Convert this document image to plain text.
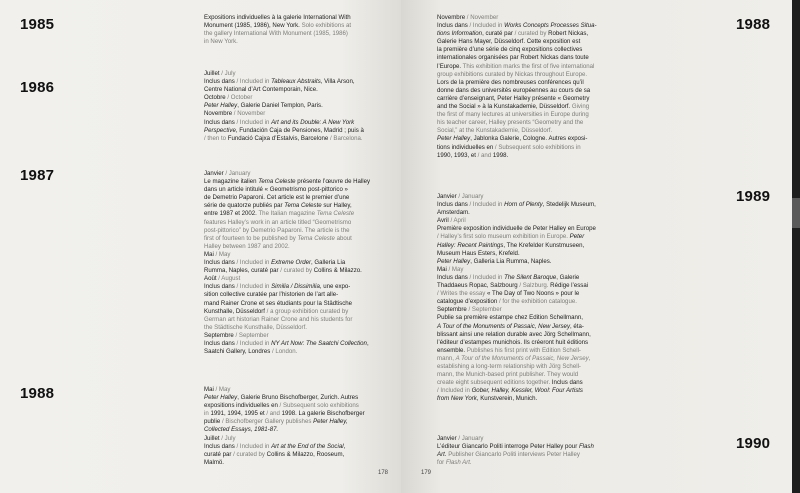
1985
1986
1987
1988
Expositions individuelles à la galerie International With
Monument (1985, 1986), New York. Solo exhibitions at
the gallery International With Monument (1985, 1986)
in New York.
Juillet / July
Inclus dans / Included in Tableaux Abstraits, Villa Arson,
Centre National d’Art Contemporain, Nice.
Octobre / October
Peter Halley, Galerie Daniel Templon, Paris.
Novembre / November
Inclus dans / Included in Art and its Double: A New York
Perspective, Fundación Caja de Pensiones, Madrid ; puis à
/ then to Fundació Cajxa d’Estalvis, Barcelone / Barcelona.
Janvier / January
Le magazine italien Tema Celeste présente l’œuvre de Halley
dans un article intitulé « Geometrismo post-pittorico »
de Demetrio Paparoni. Cet article est le premier d’une
série de quatorze publiés par Tema Celeste sur Halley,
entre 1987 et 2002. The Italian magazine Tema Celeste
features Halley’s work in an article titled “Geometrismo
post-pittorico” by Demetrio Paparoni. The article is the
first of fourteen to be published by Tema Celeste about
Halley between 1987 and 2002.
Mai / May
Inclus dans / Included in Extreme Order, Galleria Lia
Rumma, Naples, curaté par / curated by Collins & Milazzo.
Août / August
Inclus dans / Included in Similia / Dissimilia, une expo-
sition collective curatée par l’historien de l’art alle-
mand Rainer Crone et ses étudiants pour la Städtische
Kunsthalle, Düsseldorf / a group exhibition curated by
German art historian Rainer Crone and his students for
the Städtische Kunsthalle, Düsseldorf.
Septembre / September
Inclus dans / Included in NY Art Now: The Saatchi Collection,
Saatchi Gallery, Londres / London.
Mai / May
Peter Halley, Galerie Bruno Bischofberger, Zurich. Autres
expositions individuelles en / Subsequent solo exhibitions
in 1991, 1994, 1995 et / and 1998. La galerie Bischofberger
publie / Bischofberger Gallery publishes Peter Halley,
Collected Essays, 1981-87.
Juillet / July
Inclus dans / Included in Art at the End of the Social,
curaté par / curated by Collins & Milazzo, Rooseum,
Malmö.
178
1988
1989
1990
Novembre / November
Inclus dans / Included in Works Concepts Processes Situa-
tions Information, curaté par / curated by Robert Nickas,
Galerie Hans Mayer, Düsseldorf. Cette exposition est
la première d’une série de cinq expositions collectives
internationales organisées par Robert Nickas dans toute
l’Europe. This exhibition marks the first of five international
group exhibitions curated by Nickas throughout Europe.
Lors de la première des nombreuses conférences qu’il
donne dans des universités européennes au cours de sa
carrière d’enseignant, Peter Halley présente « Geometry
and the Social » à la Kunstakademie, Düsseldorf. Giving
the first of many lectures at universities in Europe during
his teacher career, Halley presents “Geometry and the
Social,” at the Kunstakademie, Düsseldorf.
Peter Halley, Jablonka Galerie, Cologne. Autres exposi-
tions individuelles en / Subsequent solo exhibitions in
1990, 1993, et / and 1998.
Janvier / January
Inclus dans / Included in Horn of Plenty, Stedelijk Museum,
Amsterdam.
Avril / April
Première exposition individuelle de Peter Halley en Europe
/ Halley’s first solo museum exhibition in Europe. Peter
Halley: Recent Paintings, The Krefelder Kunstmuseen,
Museum Haus Esters, Krefeld.
Peter Halley, Galleria Lia Rumma, Naples.
Mai / May
Inclus dans / Included in The Silent Baroque, Galerie
Thaddaeus Ropac, Salzbourg / Salzburg. Rédige l’essai
/ Writes the essay « The Day of Two Noons » pour le
catalogue d’exposition / for the exhibition catalogue.
Septembre / September
Publie sa première estampe chez Edition Schellmann,
A Tour of the Monuments of Passaic, New Jersey, éta-
blissant ainsi une relation durable avec Jörg Schellmann,
l’éditeur d’estampes munichois. Ils créeront huit éditions
ensemble. Publishes his first print with Edition Schell-
mann, A Tour of the Monuments of Passaic, New Jersey,
establishing a long-term relationship with Jörg Schell-
mann, the Munich-based print publisher. They would
create eight subsequent editions together. Inclus dans
/ Included in Gober, Halley, Kessler, Wool: Four Artists
from New York, Kunstverein, Munich.
Janvier / January
L’éditeur Giancarlo Politi interroge Peter Halley pour Flash
Art. Publisher Giancarlo Politi interviews Peter Halley
for Flash Art.
179
